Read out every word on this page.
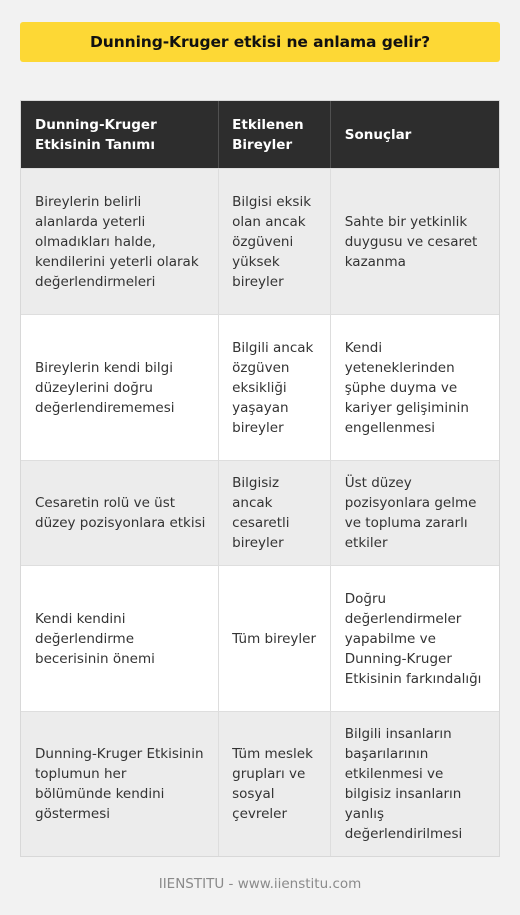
Dunning-Kruger etkisi ne anlama gelir?
Dunning-Kruger Etkisinin Tanımı
Etkilenen Bireyler
Sonuçlar
Bireylerin belirli alanlarda yeterli olmadıkları halde, kendilerini yeterli olarak değerlendirmeleri
Bilgisi eksik olan ancak özgüveni yüksek bireyler
Sahte bir yetkinlik duygusu ve cesaret kazanma
Bireylerin kendi bilgi düzeylerini doğru değerlendirememesi
Bilgili ancak özgüven eksikliği yaşayan bireyler
Kendi yeteneklerinden şüphe duyma ve kariyer gelişiminin engellenmesi
Cesaretin rolü ve üst düzey pozisyonlara etkisi
Bilgisiz ancak cesaretli bireyler
Üst düzey pozisyonlara gelme ve topluma zararlı etkiler
Kendi kendini değerlendirme becerisinin önemi
Tüm bireyler
Doğru değerlendirmeler yapabilme ve Dunning-Kruger Etkisinin farkındalığı
Dunning-Kruger Etkisinin toplumun her bölümünde kendini göstermesi
Tüm meslek grupları ve sosyal çevreler
Bilgili insanların başarılarının etkilenmesi ve bilgisiz insanların yanlış değerlendirilmesi
IIENSTITU - www.iienstitu.com
